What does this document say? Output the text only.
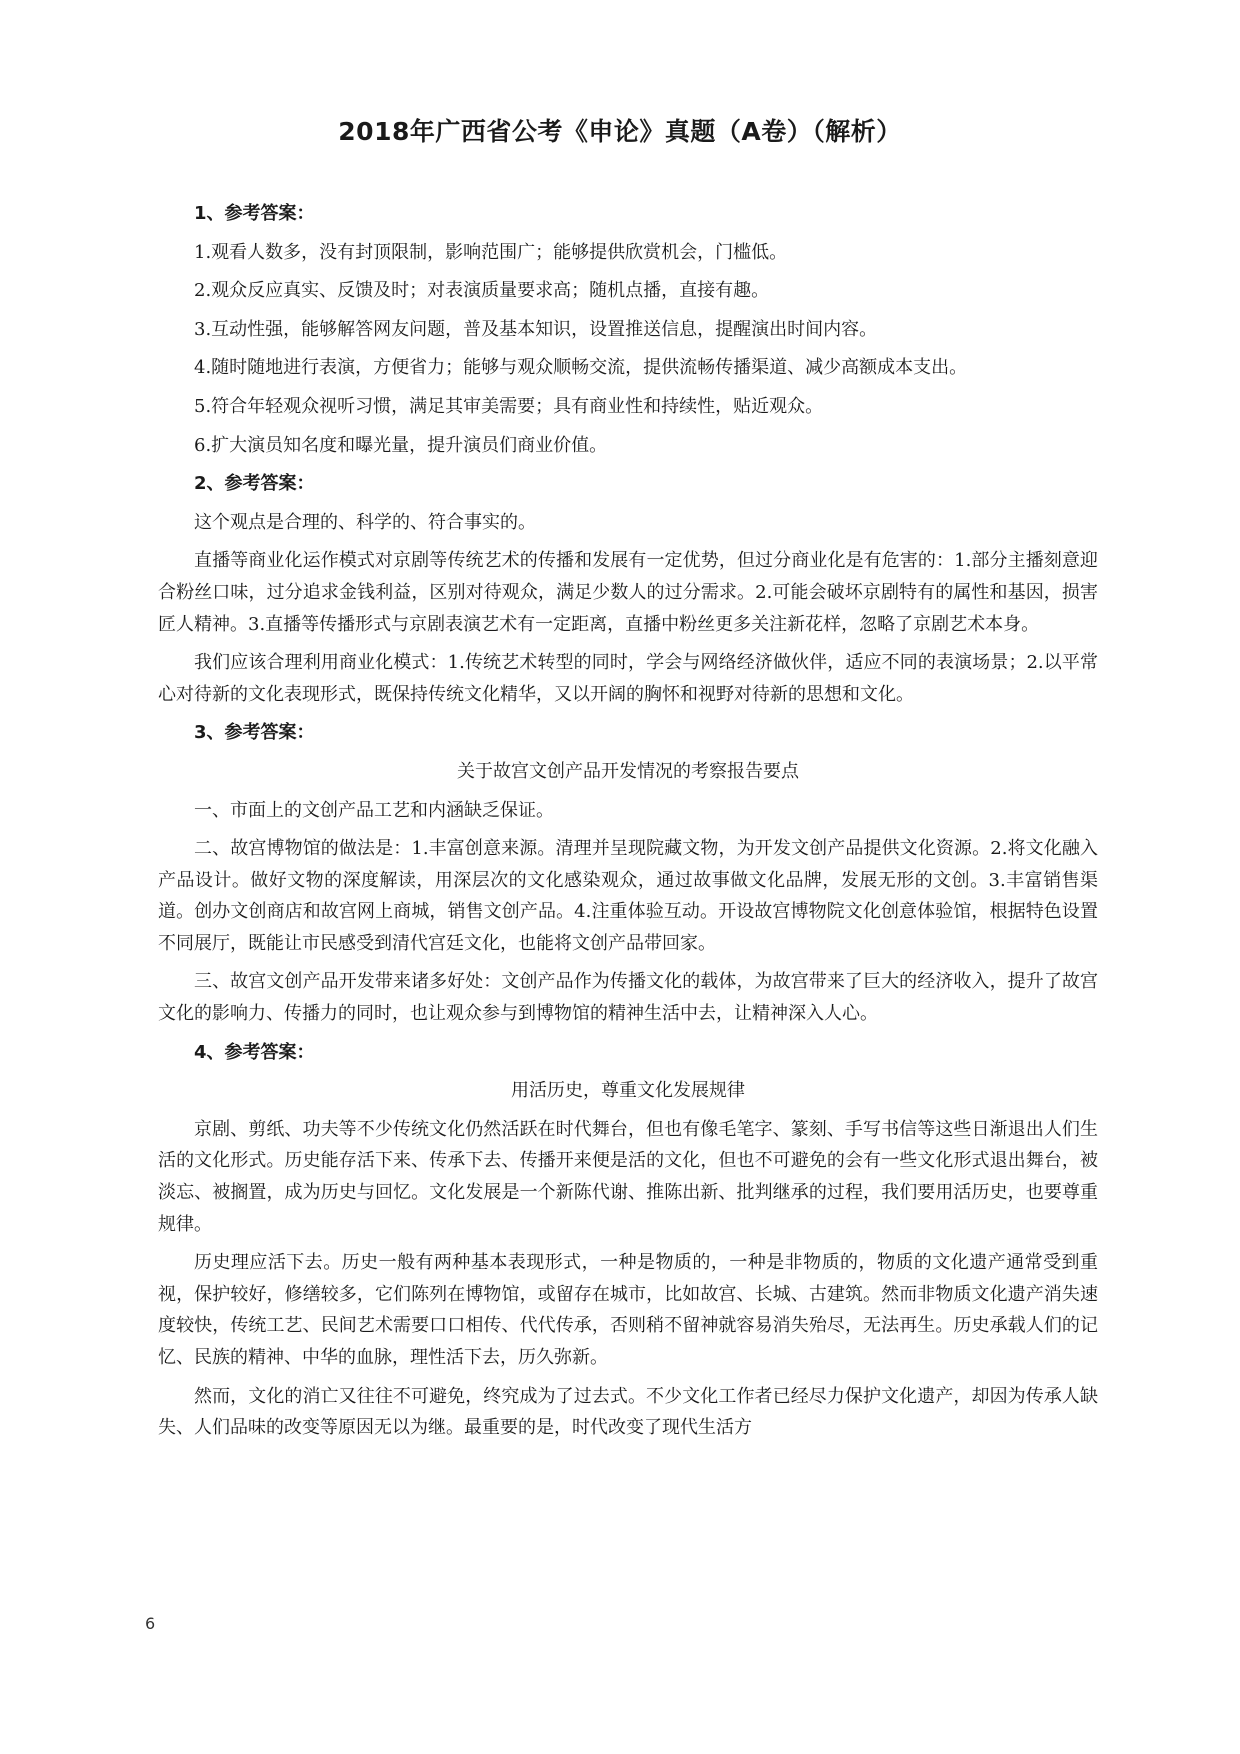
2018年广西省公考《申论》真题（A卷）（解析）
1、参考答案：

1.观看人数多，没有封顶限制，影响范围广；能够提供欣赏机会，门槛低。

2.观众反应真实、反馈及时；对表演质量要求高；随机点播，直接有趣。

3.互动性强，能够解答网友问题，普及基本知识，设置推送信息，提醒演出时间内容。

4.随时随地进行表演，方便省力；能够与观众顺畅交流，提供流畅传播渠道、减少高额成本支出。

5.符合年轻观众视听习惯，满足其审美需要；具有商业性和持续性，贴近观众。

6.扩大演员知名度和曝光量，提升演员们商业价值。

2、参考答案：

这个观点是合理的、科学的、符合事实的。

直播等商业化运作模式对京剧等传统艺术的传播和发展有一定优势，但过分商业化是有危害的：1.部分主播刻意迎合粉丝口味，过分追求金钱利益，区别对待观众，满足少数人的过分需求。2.可能会破坏京剧特有的属性和基因，损害匠人精神。3.直播等传播形式与京剧表演艺术有一定距离，直播中粉丝更多关注新花样，忽略了京剧艺术本身。

我们应该合理利用商业化模式：1.传统艺术转型的同时，学会与网络经济做伙伴，适应不同的表演场景；2.以平常心对待新的文化表现形式，既保持传统文化精华，又以开阔的胸怀和视野对待新的思想和文化。

3、参考答案：

关于故宫文创产品开发情况的考察报告要点

一、市面上的文创产品工艺和内涵缺乏保证。

二、故宫博物馆的做法是：1.丰富创意来源。清理并呈现院藏文物，为开发文创产品提供文化资源。2.将文化融入产品设计。做好文物的深度解读，用深层次的文化感染观众，通过故事做文化品牌，发展无形的文创。3.丰富销售渠道。创办文创商店和故宫网上商城，销售文创产品。4.注重体验互动。开设故宫博物院文化创意体验馆，根据特色设置不同展厅，既能让市民感受到清代宫廷文化，也能将文创产品带回家。

三、故宫文创产品开发带来诸多好处：文创产品作为传播文化的载体，为故宫带来了巨大的经济收入，提升了故宫文化的影响力、传播力的同时，也让观众参与到博物馆的精神生活中去，让精神深入人心。

4、参考答案：

用活历史，尊重文化发展规律

京剧、剪纸、功夫等不少传统文化仍然活跃在时代舞台，但也有像毛笔字、篆刻、手写书信等这些日渐退出人们生活的文化形式。历史能存活下来、传承下去、传播开来便是活的文化，但也不可避免的会有一些文化形式退出舞台，被淡忘、被搁置，成为历史与回忆。文化发展是一个新陈代谢、推陈出新、批判继承的过程，我们要用活历史，也要尊重规律。

历史理应活下去。历史一般有两种基本表现形式，一种是物质的，一种是非物质的，物质的文化遗产通常受到重视，保护较好，修缮较多，它们陈列在博物馆，或留存在城市，比如故宫、长城、古建筑。然而非物质文化遗产消失速度较快，传统工艺、民间艺术需要口口相传、代代传承，否则稍不留神就容易消失殆尽，无法再生。历史承载人们的记忆、民族的精神、中华的血脉，理性活下去，历久弥新。

然而，文化的消亡又往往不可避免，终究成为了过去式。不少文化工作者已经尽力保护文化遗产，却因为传承人缺失、人们品味的改变等原因无以为继。最重要的是，时代改变了现代生活方

6
